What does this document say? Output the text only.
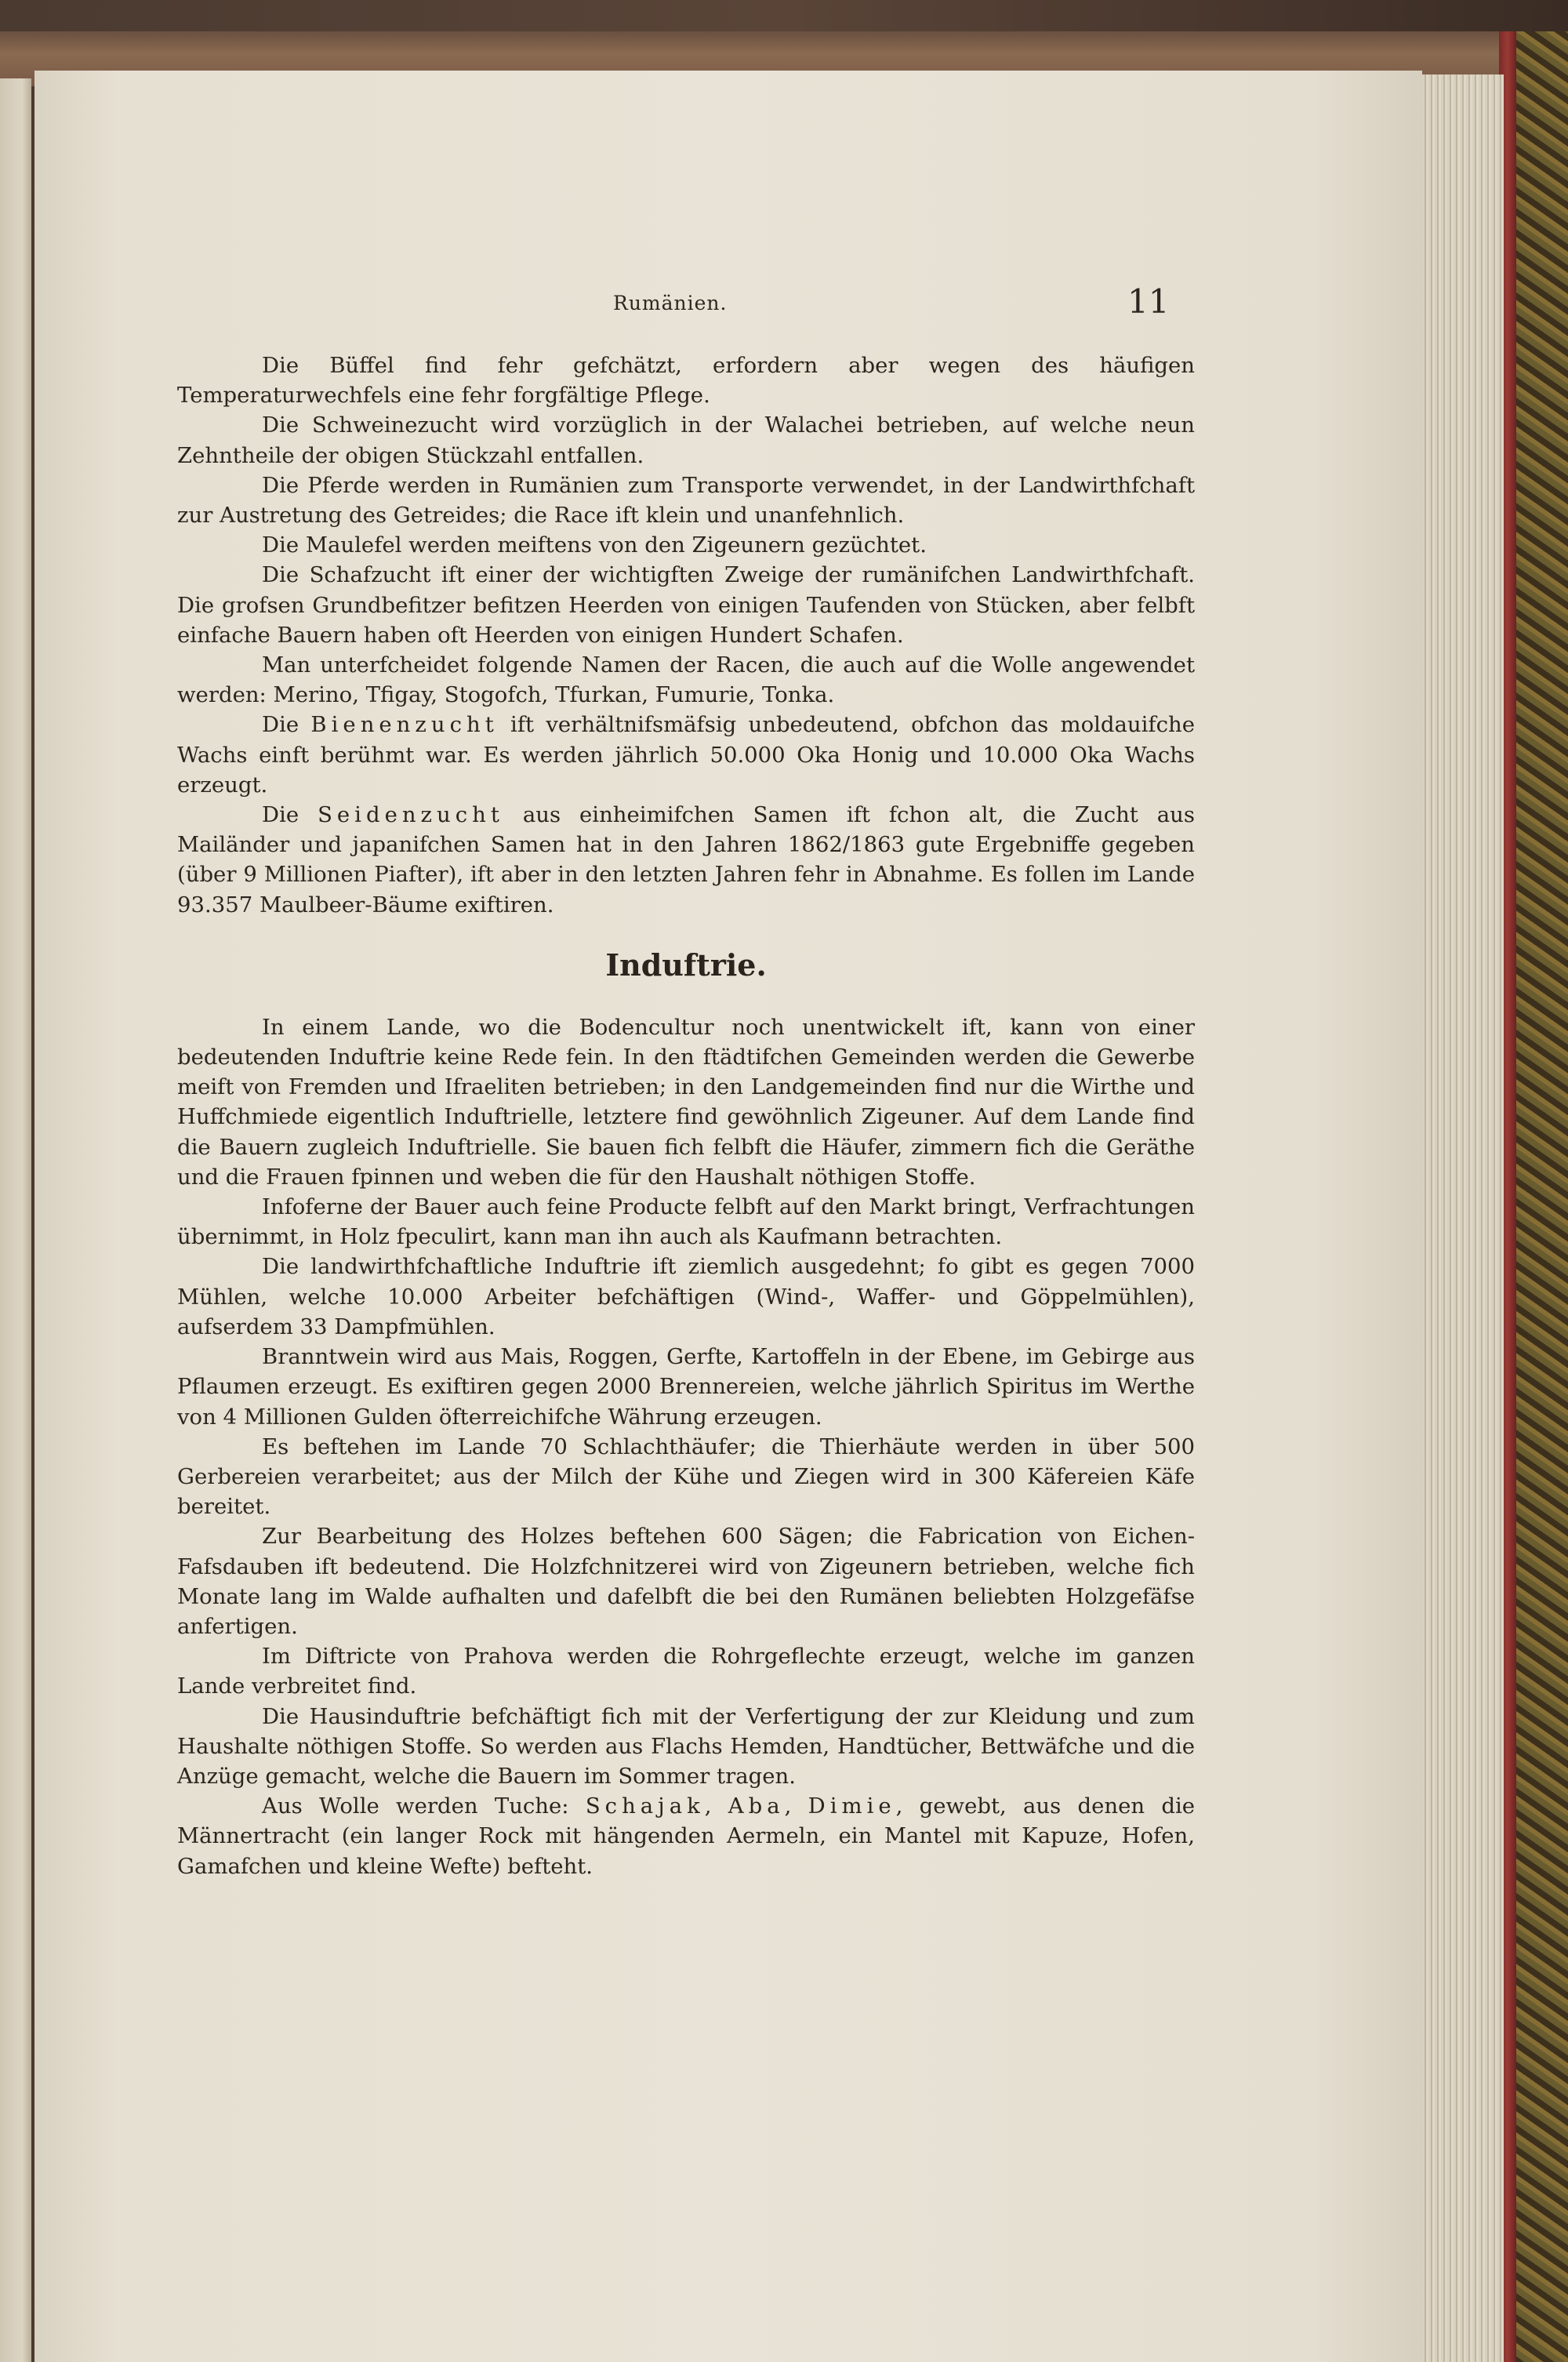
Rumänien.	11

Die Büffel find fehr gefchätzt, erfordern aber wegen des häufigen Temperaturwechfels eine fehr forgfältige Pflege.

Die Schweinezucht wird vorzüglich in der Walachei betrieben, auf welche neun Zehntheile der obigen Stückzahl entfallen.

Die Pferde werden in Rumänien zum Transporte verwendet, in der Landwirthfchaft zur Austretung des Getreides; die Race ift klein und unanfehnlich.

Die Maulefel werden meiftens von den Zigeunern gezüchtet.

Die Schafzucht ift einer der wichtigften Zweige der rumänifchen Landwirthfchaft. Die grofsen Grundbefitzer befitzen Heerden von einigen Taufenden von Stücken, aber felbft einfache Bauern haben oft Heerden von einigen Hundert Schafen.

Man unterfcheidet folgende Namen der Racen, die auch auf die Wolle angewendet werden: Merino, Tfigay, Stogofch, Tfurkan, Fumurie, Tonka.

Die Bienenzucht ift verhältnifsmäfsig unbedeutend, obfchon das moldauifche Wachs einft berühmt war. Es werden jährlich 50.000 Oka Honig und 10.000 Oka Wachs erzeugt.

Die Seidenzucht aus einheimifchen Samen ift fchon alt, die Zucht aus Mailänder und japanifchen Samen hat in den Jahren 1862/1863 gute Ergebniffe gegeben (über 9 Millionen Piafter), ift aber in den letzten Jahren fehr in Abnahme. Es follen im Lande 93.357 Maulbeer-Bäume exiftiren.

Induftrie.

In einem Lande, wo die Bodencultur noch unentwickelt ift, kann von einer bedeutenden Induftrie keine Rede fein. In den ftädtifchen Gemeinden werden die Gewerbe meift von Fremden und Ifraeliten betrieben; in den Landgemeinden find nur die Wirthe und Huffchmiede eigentlich Induftrielle, letztere find gewöhnlich Zigeuner. Auf dem Lande find die Bauern zugleich Induftrielle. Sie bauen fich felbft die Häufer, zimmern fich die Geräthe und die Frauen fpinnen und weben die für den Haushalt nöthigen Stoffe.

Infoferne der Bauer auch feine Producte felbft auf den Markt bringt, Verfrachtungen übernimmt, in Holz fpeculirt, kann man ihn auch als Kaufmann betrachten.

Die landwirthfchaftliche Induftrie ift ziemlich ausgedehnt; fo gibt es gegen 7000 Mühlen, welche 10.000 Arbeiter befchäftigen (Wind-, Waffer- und Göppelmühlen), aufserdem 33 Dampfmühlen.

Branntwein wird aus Mais, Roggen, Gerfte, Kartoffeln in der Ebene, im Gebirge aus Pflaumen erzeugt. Es exiftiren gegen 2000 Brennereien, welche jährlich Spiritus im Werthe von 4 Millionen Gulden öfterreichifche Währung erzeugen.

Es beftehen im Lande 70 Schlachthäufer; die Thierhäute werden in über 500 Gerbereien verarbeitet; aus der Milch der Kühe und Ziegen wird in 300 Käfereien Käfe bereitet.

Zur Bearbeitung des Holzes beftehen 600 Sägen; die Fabrication von Eichen-Fafsdauben ift bedeutend. Die Holzfchnitzerei wird von Zigeunern betrieben, welche fich Monate lang im Walde aufhalten und dafelbft die bei den Rumänen beliebten Holzgefäfse anfertigen.

Im Diftricte von Prahova werden die Rohrgeflechte erzeugt, welche im ganzen Lande verbreitet find.

Die Hausinduftrie befchäftigt fich mit der Verfertigung der zur Kleidung und zum Haushalte nöthigen Stoffe. So werden aus Flachs Hemden, Handtücher, Bettwäfche und die Anzüge gemacht, welche die Bauern im Sommer tragen.

Aus Wolle werden Tuche: Schajak, Aba, Dimie, gewebt, aus denen die Männertracht (ein langer Rock mit hängenden Aermeln, ein Mantel mit Kapuze, Hofen, Gamafchen und kleine Wefte) befteht.
